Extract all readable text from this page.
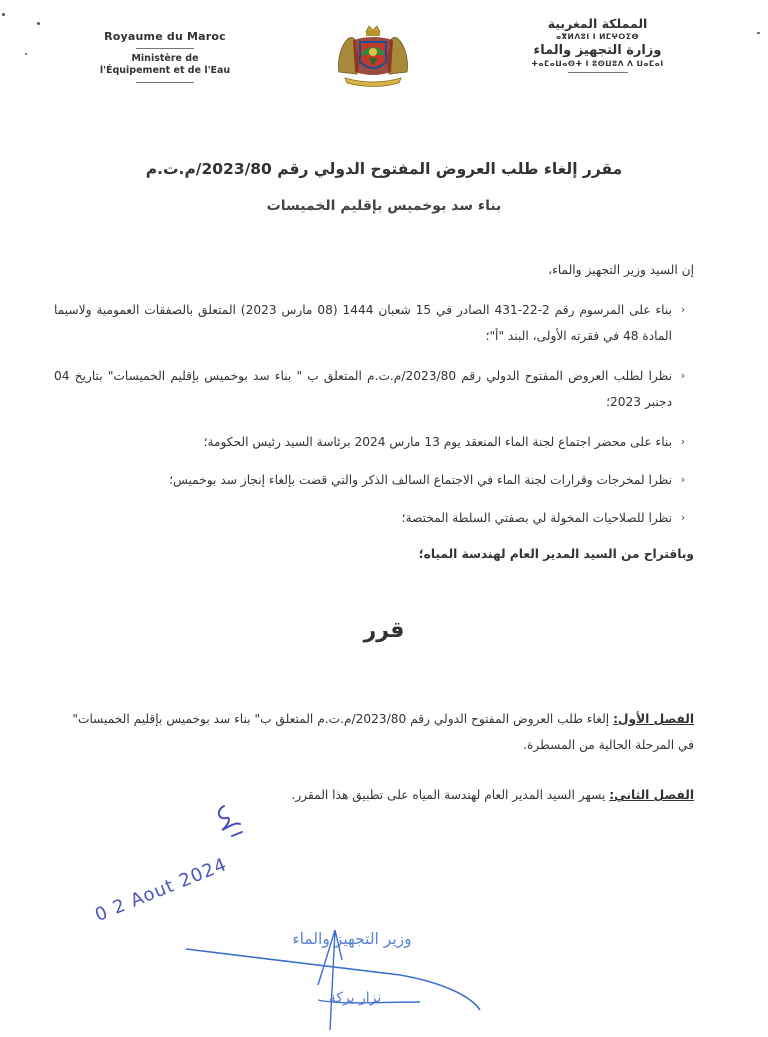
Royaume du Maroc
Ministère de
l'Équipement et de l'Eau
المملكة المغربية
ⴰⴳⵍⴷⵓⵏ ⵏ ⵍⵎⵖⵔⵉⴱ
وزارة التجهيز والماء
ⵜⴰⵎⴰⵡⴰⵙⵜ ⵏ ⵓⵙⵡⵓⴷ ⴷ ⵡⴰⵎⴰⵏ
مقرر إلغاء طلب العروض المفتوح الدولي رقم 2023/80/م.ت.م
بناء سد بوخميس بإقليم الخميسات
إن السيد وزير التجهيز والماء،
‹
بناء على المرسوم رقم 2-22-431 الصادر في 15 شعبان 1444 (08 مارس 2023) المتعلق بالصفقات العمومية ولاسيما المادة 48 في فقرته الأولى، البند "أ"؛
‹
نظرا لطلب العروض المفتوح الدولي رقم 2023/80/م.ت.م المتعلق ب " بناء سد بوخميس بإقليم الخميسات" بتاريخ 04 دجنبر 2023؛
‹
بناء على محضر اجتماع لجنة الماء المنعقد يوم 13 مارس 2024 برئاسة السيد رئيس الحكومة؛
‹
نظرا لمخرجات وقرارات لجنة الماء في الاجتماع السالف الذكر والتي قضت بإلغاء إنجاز سد بوخميس؛
‹
نظرا للصلاحيات المخولة لي بصفتي السلطة المختصة؛
وباقتراح من السيد المدير العام لهندسة المياه؛
قرر
الفصل الأول: إلغاء طلب العروض المفتوح الدولي رقم 2023/80/م.ت.م المتعلق ب" بناء سد بوخميس بإقليم الخميسات" في المرحلة الحالية من المسطرة.
الفصل الثاني: يسهر السيد المدير العام لهندسة المياه على تطبيق هذا المقرر.
0 2 Aout 2024
وزير التجهيز والماء
نزار بركة
